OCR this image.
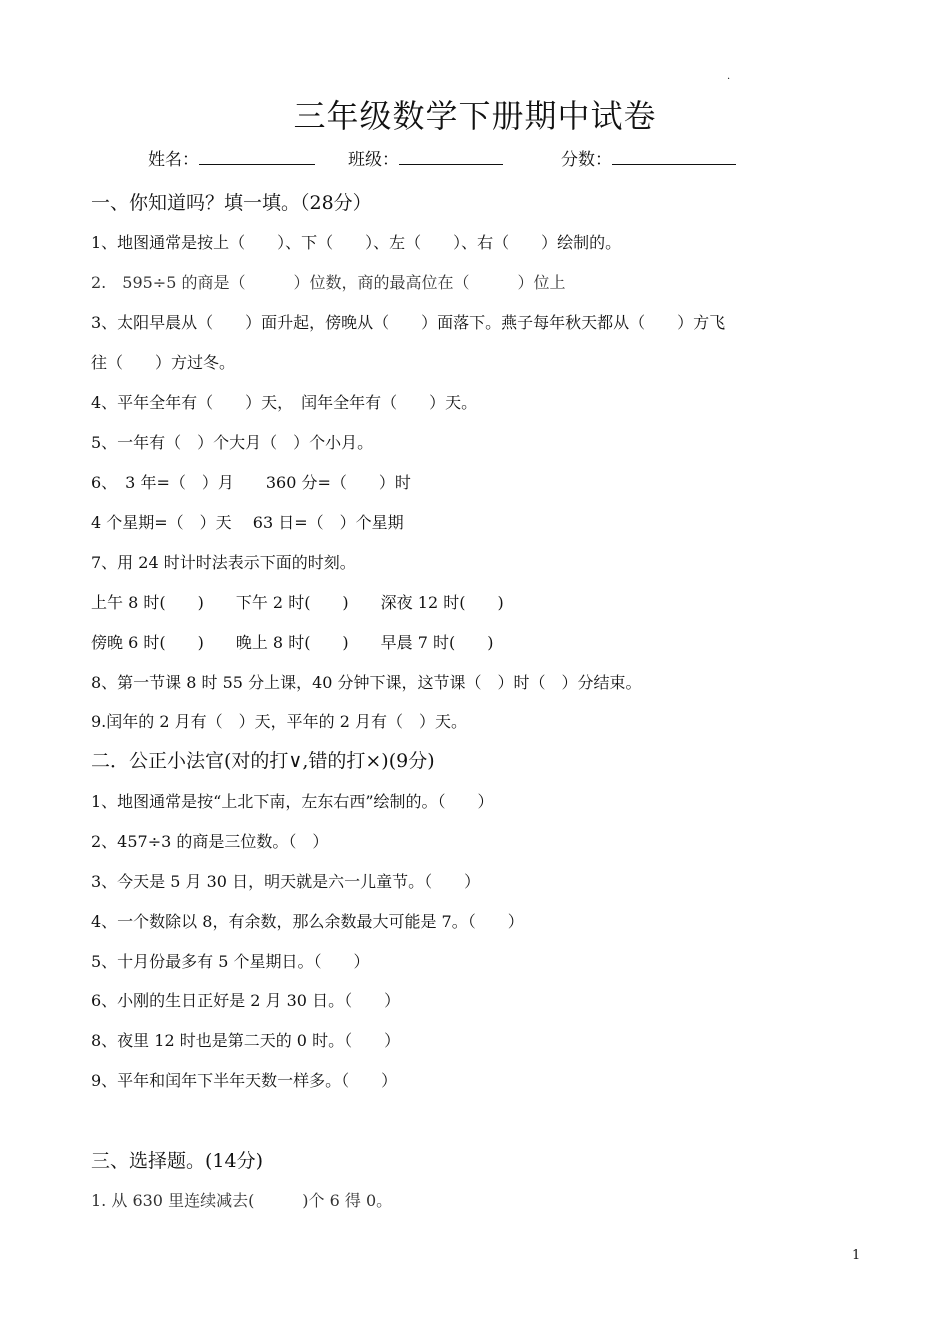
.
三年级数学下册期中试卷
姓名：	班级：	分数：
一、你知道吗？填一填。（28分）
1、地图通常是按上（　　）、下（　　）、左（　　）、右（　　）绘制的。
2.　595÷5 的商是（　　　）位数，商的最高位在（　　　）位上
3、太阳早晨从（　　）面升起，傍晚从（　　）面落下。燕子每年秋天都从（　　）方飞
往（　　）方过冬。
4、平年全年有（　　）天，　闰年全年有（　　）天。
5、一年有（　）个大月（　）个小月。
6、　3 年=（　）月　　360 分=（　　）时
4 个星期=（　）天　 63 日=（　）个星期
7、用 24 时计时法表示下面的时刻。
上午 8 时(　　)　　下午 2 时(　　)　　深夜 12 时(　　)
傍晚 6 时(　　)　　晚上 8 时(　　)　　早晨 7 时(　　)
8、第一节课 8 时 55 分上课，40 分钟下课，这节课（　）时（　）分结束。
9.闰年的 2 月有（　）天，平年的 2 月有（　）天。
二．公正小法官(对的打∨,错的打×)(9分)
1、地图通常是按“上北下南，左东右西”绘制的。（　　）
2、457÷3 的商是三位数。（　）
3、今天是 5 月 30 日，明天就是六一儿童节。（　　）
4、一个数除以 8，有余数，那么余数最大可能是 7。（　　）
5、十月份最多有 5 个星期日。（　　）
6、小刚的生日正好是 2 月 30 日。（　　）
8、夜里 12 时也是第二天的 0 时。（　　）
9、平年和闰年下半年天数一样多。（　　）
三、选择题。(14分)
1. 从 630 里连续减去(　　　)个 6 得 0。
1
